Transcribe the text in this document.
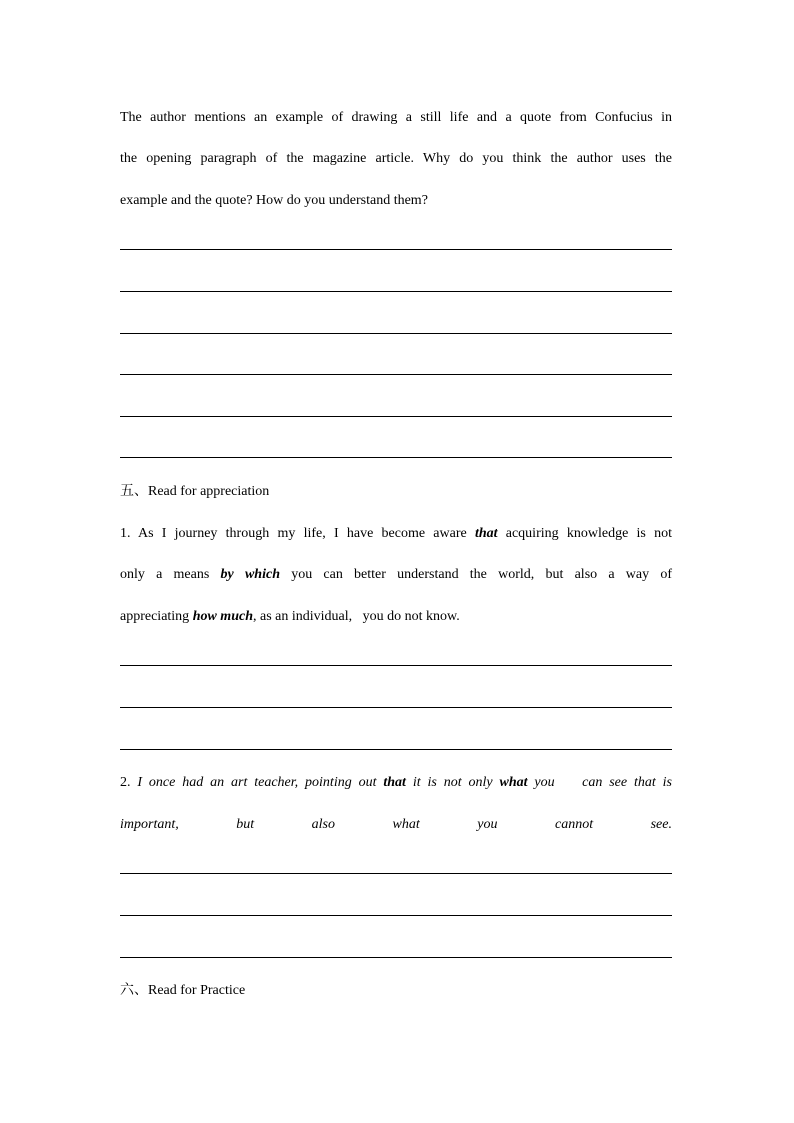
The author mentions an example of drawing a still life and a quote from Confucius in
the opening paragraph of the magazine article. Why do you think the author uses the
example and the quote? How do you understand them?
五、Read for appreciation
1. As I journey through my life, I have become aware that acquiring knowledge is not
only a means by which you can better understand the world, but also a way of
appreciating how much, as an individual,   you do not know.
2. I once had an art teacher, pointing out that it is not only what you    can see that is
important, but also what you cannot see.
六、Read for Practice
